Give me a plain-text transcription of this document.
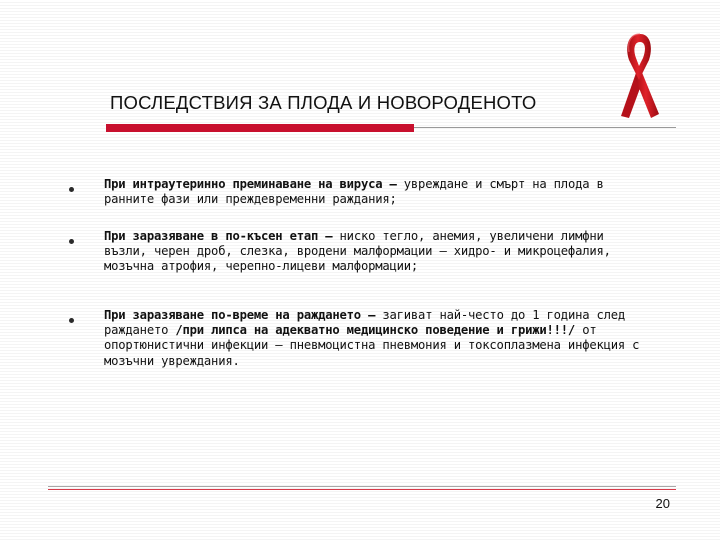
ПОСЛЕДСТВИЯ ЗА ПЛОДА И НОВОРОДЕНОТО
При интраутеринно преминаване на вируса – увреждане и смърт на плода в ранните фази или преждевременни раждания;
При заразяване в по-късен етап – ниско тегло, анемия, увеличени лимфни възли, черен дроб, слезка, вродени малформации – хидро- и микроцефалия, мозъчна атрофия, черепно-лицеви малформации;
При заразяване по-време на раждането – загиват най-често до 1 година след раждането /при липса на адекватно медицинско поведение и грижи!!!/ от опортюнистични инфекции – пневмоцистна пневмония и токсоплазмена инфекция с мозъчни увреждания.
20
